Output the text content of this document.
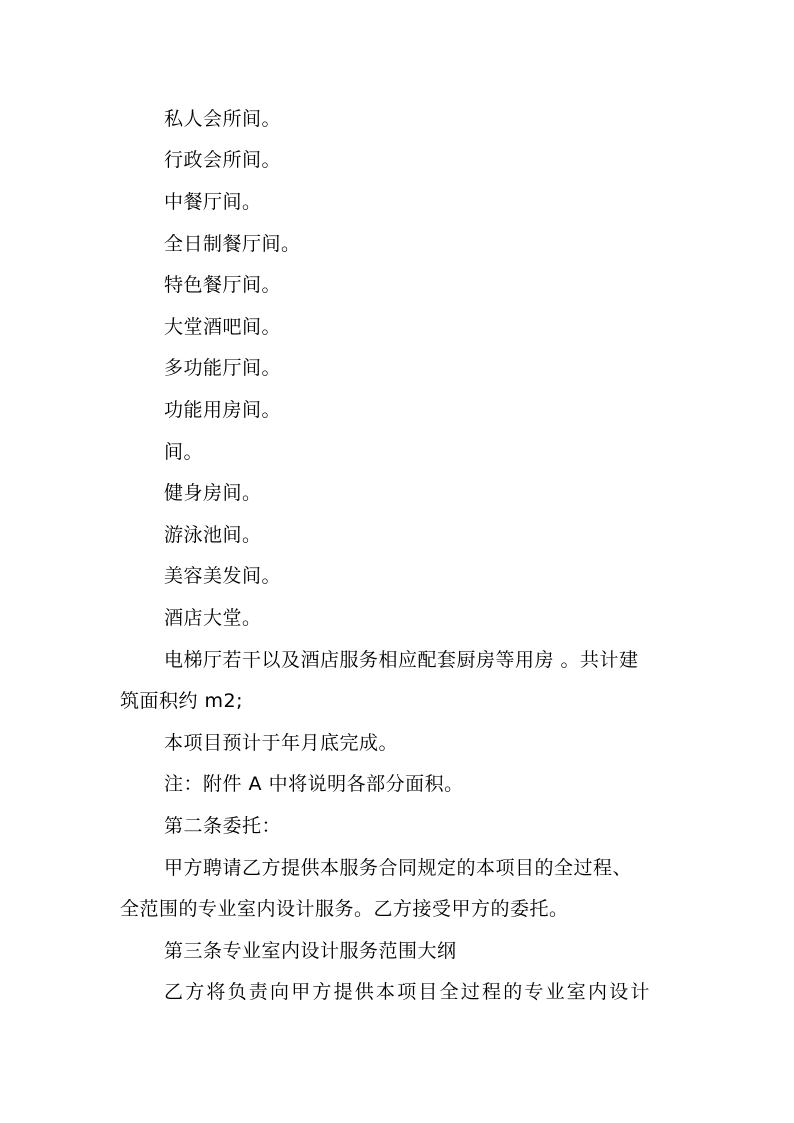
私人会所间。
行政会所间。
中餐厅间。
全日制餐厅间。
特色餐厅间。
大堂酒吧间。
多功能厅间。
功能用房间。
间。
健身房间。
游泳池间。
美容美发间。
酒店大堂。
电梯厅若干以及酒店服务相应配套厨房等用房 。共计建
筑面积约 m2;
本项目预计于年月底完成。
注：附件 A 中将说明各部分面积。
第二条委托：
甲方聘请乙方提供本服务合同规定的本项目的全过程、
全范围的专业室内设计服务。乙方接受甲方的委托。
第三条专业室内设计服务范围大纲
乙方将负责向甲方提供本项目全过程的专业室内设计
